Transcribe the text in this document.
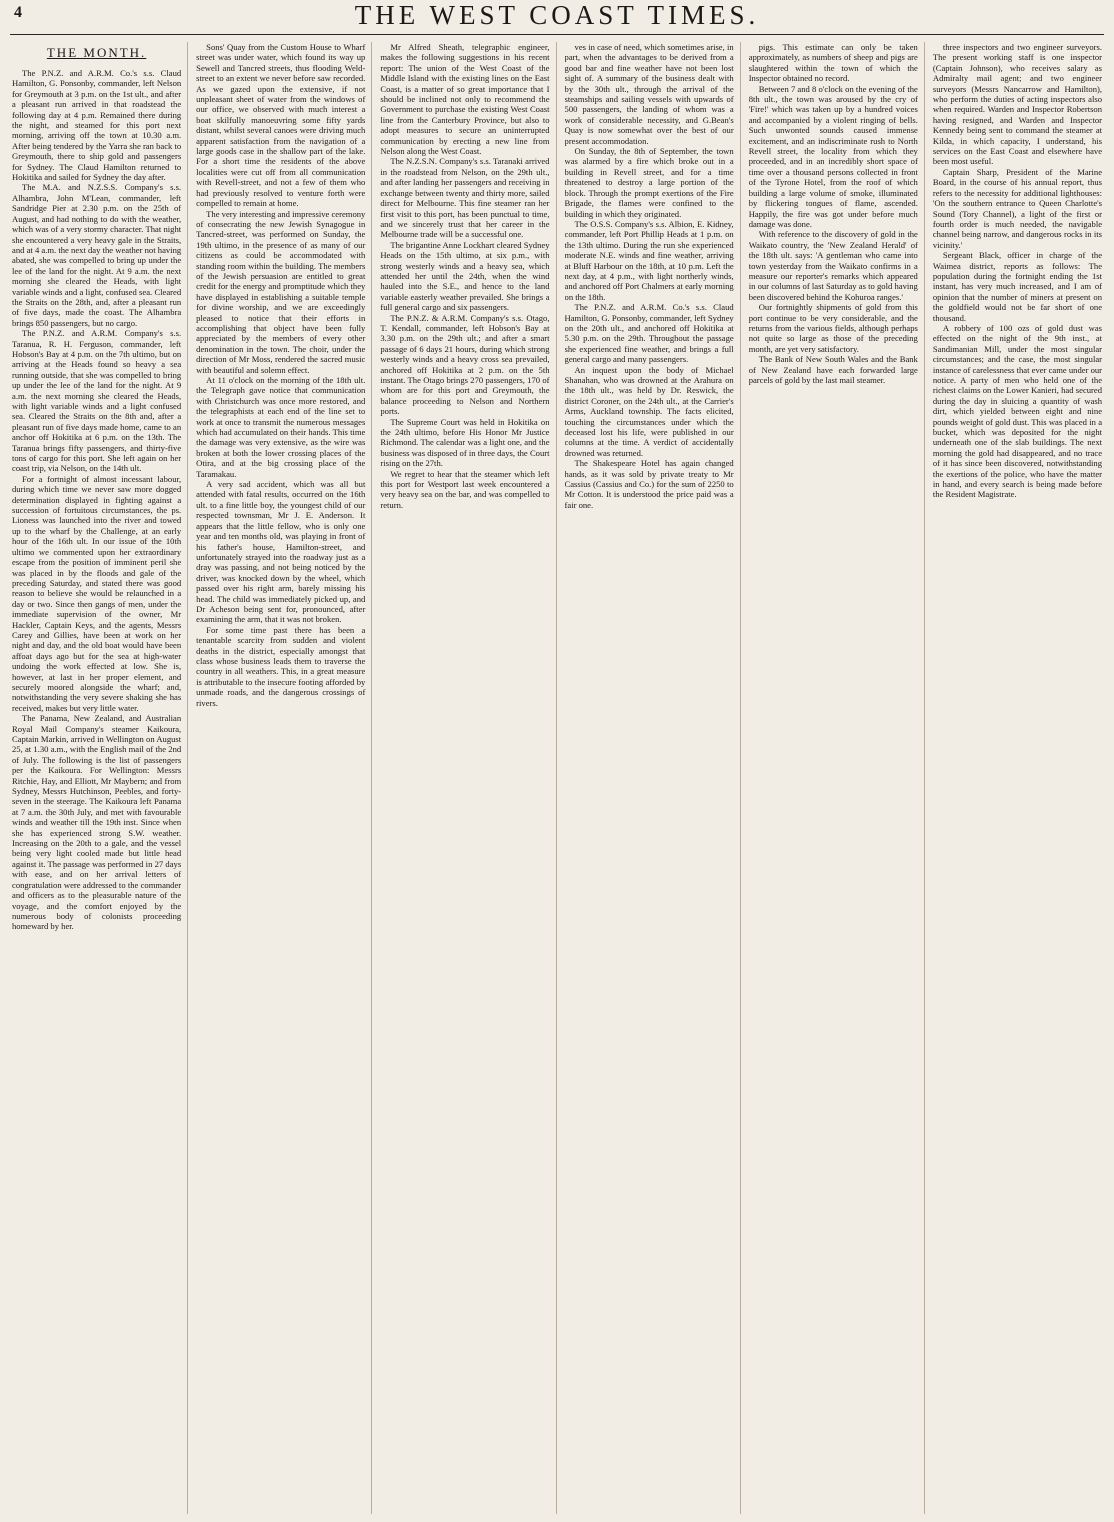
4	THE WEST COAST TIMES.
THE MONTH.

The P.N.Z. and A.R.M. Co.'s s.s. Claud Hamilton, G. Ponsonby, commander, left Nelson for Greymouth at 3 p.m. on the 1st ult., and after a pleasant run arrived in that roadstead the following day at 4 p.m. Remained there during the night, and steamed for this port next morning, arriving off the town at 10.30 a.m. After being tendered by the Yarra she ran back to Greymouth, there to ship gold and passengers for Sydney. The Claud Hamilton returned to Hokitika and sailed for Sydney the day after.

The M.A. and N.Z.S.S. Company's s.s. Alhambra, John M'Lean, commander, left Sandridge Pier at 2.30 p.m. on the 25th of August, and had nothing to do with the weather, which was of a very stormy character. That night she encountered a very heavy gale in the Straits, and at 4 a.m. the next day the weather not having abated, she was compelled to bring up under the lee of the land for the night. At 9 a.m. the next morning she cleared the Heads, with light variable winds and a light, confused sea. Cleared the Straits on the 28th, and, after a pleasant run of five days, made the coast. The Alhambra brings 850 passengers, but no cargo.

The P.N.Z. and A.R.M. Company's s.s. Taranua, R. H. Ferguson, commander, left Hobson's Bay at 4 p.m. on the 7th ultimo, but on arriving at the Heads found so heavy a sea running outside, that she was compelled to bring up under the lee of the land for the night. At 9 a.m. the next morning she cleared the Heads, with light variable winds and a light confused sea. Cleared the Straits on the 8th and, after a pleasant run of five days made home, came to an anchor off Hokitika at 6 p.m. on the 13th. The Taranua brings fifty passengers, and thirty-five tons of cargo for this port. She left again on her coast trip, via Nelson, on the 14th ult.

For a fortnight of almost incessant labour, during which time we never saw more dogged determination displayed in fighting against a succession of fortuitous circumstances, the ps. Lioness was launched into the river and towed up to the wharf by the Challenge, at an early hour of the 16th ult. In our issue of the 10th ultimo we commented upon her extraordinary escape from the position of imminent peril she was placed in by the floods and gale of the preceding Saturday, and stated there was good reason to believe she would be relaunched in a day or two. Since then gangs of men, under the immediate supervision of the owner, Mr Hackler, Captain Keys, and the agents, Messrs Carey and Gillies, have been at work on her night and day, and the old boat would have been affoat days ago but for the sea at high-water undoing the work effected at low. She is, however, at last in her proper element, and securely moored alongside the wharf; and, notwithstanding the very severe shaking she has received, makes but very little water.

The Panama, New Zealand, and Australian Royal Mail Company's steamer Kaikoura, Captain Markin, arrived in Wellington on August 25, at 1.30 a.m., with the English mail of the 2nd of July. The following is the list of passengers per the Kaikoura. For Wellington: Messrs Ritchie, Hay, and Elliott, Mr Maybern; and from Sydney, Messrs Hutchinson, Peebles, and forty-seven in the steerage. The Kaikoura left Panama at 7 a.m. the 30th July, and met with favourable winds and weather till the 19th inst. Since when she has experienced strong S.W. weather. Increasing on the 20th to a gale, and the vessel being very light cooled made but little head against it. The passage was performed in 27 days with ease, and on her arrival letters of congratulation were addressed to the commander and officers as to the pleasurable nature of the voyage, and the comfort enjoyed by the numerous body of colonists proceeding homeward by her.

Sons' Quay from the Custom House to Wharf street was under water, which found its way up Sewell and Tancred streets, thus flooding Weld-street to an extent we never before saw recorded. As we gazed upon the extensive, if not unpleasant sheet of water from the windows of our office, we observed with much interest a boat skilfully manoeuvring some fifty yards distant, whilst several canoes were driving much apparent satisfaction from the navigation of a large goods case in the shallow part of the lake. For a short time the residents of the above localities were cut off from all communication with Revell-street, and not a few of them who had previously resolved to venture forth were compelled to remain at home.

The very interesting and impressive ceremony of consecrating the new Jewish Synagogue in Tancred-street, was performed on Sunday, the 19th ultimo, in the presence of as many of our citizens as could be accommodated with standing room within the building. The members of the Jewish persuasion are entitled to great credit for the energy and promptitude which they have displayed in establishing a suitable temple for divine worship, and we are exceedingly pleased to notice that their efforts in accomplishing that object have been fully appreciated by the members of every other denomination in the town. The choir, under the direction of Mr Moss, rendered the sacred music with beautiful and solemn effect.

At 11 o'clock on the morning of the 18th ult. the Telegraph gave notice that communication with Christchurch was once more restored, and the telegraphists at each end of the line set to work at once to transmit the numerous messages which had accumulated on their hands. This time the damage was very extensive, as the wire was broken at both the lower crossing places of the Otira, and at the big crossing place of the Taramakau.

A very sad accident, which was all but attended with fatal results, occurred on the 16th ult. to a fine little boy, the youngest child of our respected townsman, Mr J. E. Anderson. It appears that the little fellow, who is only one year and ten months old, was playing in front of his father's house, Hamilton-street, and unfortunately strayed into the roadway just as a dray was passing, and not being noticed by the driver, was knocked down by the wheel, which passed over his right arm, barely missing his head. The child was immediately picked up, and Dr Acheson being sent for, pronounced, after examining the arm, that it was not broken.

For some time past there has been a tenantable scarcity from sudden and violent deaths in the district, especially amongst that class whose business leads them to traverse the country in all weathers. This, in a great measure is attributable to the insecure footing afforded by unmade roads, and the dangerous crossings of rivers.

Mr Alfred Sheath, telegraphic engineer, makes the following suggestions in his recent report: The union of the West Coast of the Middle Island with the existing lines on the East Coast, is a matter of so great importance that I should be inclined not only to recommend the Government to purchase the existing West Coast line from the Canterbury Province, but also to adopt measures to secure an uninterrupted communication by erecting a new line from Nelson along the West Coast.

The N.Z.S.N. Company's s.s. Taranaki arrived in the roadstead from Nelson, on the 29th ult., and after landing her passengers and receiving in exchange between twenty and thirty more, sailed direct for Melbourne. This fine steamer ran her first visit to this port, has been punctual to time, and we sincerely trust that her career in the Melbourne trade will be a successful one.

The brigantine Anne Lockhart cleared Sydney Heads on the 15th ultimo, at six p.m., with strong westerly winds and a heavy sea, which attended her until the 24th, when the wind hauled into the S.E., and hence to the land variable easterly weather prevailed. She brings a full general cargo and six passengers.

The P.N.Z. & A.R.M. Company's s.s. Otago, T. Kendall, commander, left Hobson's Bay at 3.30 p.m. on the 29th ult.; and after a smart passage of 6 days 21 hours, during which strong westerly winds and a heavy cross sea prevailed, anchored off Hokitika at 2 p.m. on the 5th instant. The Otago brings 270 passengers, 170 of whom are for this port and Greymouth, the balance proceeding to Nelson and Northern ports.

The Supreme Court was held in Hokitika on the 24th ultimo, before His Honor Mr Justice Richmond. The calendar was a light one, and the business was disposed of in three days, the Court rising on the 27th.

We regret to hear that the steamer which left this port for Westport last week encountered a very heavy sea on the bar, and was compelled to return.

ves in case of need, which sometimes arise, in part, when the advantages to be derived from a good bar and fine weather have not been lost sight of. A summary of the business dealt with by the 30th ult., through the arrival of the steamships and sailing vessels with upwards of 500 passengers, the landing of whom was a work of considerable necessity, and G.Bean's Quay is now somewhat over the best of our present accommodation.

On Sunday, the 8th of September, the town was alarmed by a fire which broke out in a building in Revell street, and for a time threatened to destroy a large portion of the block. Through the prompt exertions of the Fire Brigade, the flames were confined to the building in which they originated.

The O.S.S. Company's s.s. Albion, E. Kidney, commander, left Port Phillip Heads at 1 p.m. on the 13th ultimo. During the run she experienced moderate N.E. winds and fine weather, arriving at Bluff Harbour on the 18th, at 10 p.m. Left the next day, at 4 p.m., with light northerly winds, and anchored off Port Chalmers at early morning on the 18th.

The P.N.Z. and A.R.M. Co.'s s.s. Claud Hamilton, G. Ponsonby, commander, left Sydney on the 20th ult., and anchored off Hokitika at 5.30 p.m. on the 29th. Throughout the passage she experienced fine weather, and brings a full general cargo and many passengers.

An inquest upon the body of Michael Shanahan, who was drowned at the Arahura on the 18th ult., was held by Dr. Reswick, the district Coroner, on the 24th ult., at the Carrier's Arms, Auckland township. The facts elicited, touching the circumstances under which the deceased lost his life, were published in our columns at the time. A verdict of accidentally drowned was returned.

The Shakespeare Hotel has again changed hands, as it was sold by private treaty to Mr Cassius (Cassius and Co.) for the sum of 2250 to Mr Cotton. It is understood the price paid was a fair one.

pigs. This estimate can only be taken approximately, as numbers of sheep and pigs are slaughtered within the town of which the Inspector obtained no record.

Between 7 and 8 o'clock on the evening of the 8th ult., the town was aroused by the cry of 'Fire!' which was taken up by a hundred voices and accompanied by a violent ringing of bells. Such unwonted sounds caused immense excitement, and an indiscriminate rush to North Revell street, the locality from which they proceeded, and in an incredibly short space of time over a thousand persons collected in front of the Tyrone Hotel, from the roof of which building a large volume of smoke, illuminated by flickering tongues of flame, ascended. Happily, the fire was got under before much damage was done.

With reference to the discovery of gold in the Waikato country, the 'New Zealand Herald' of the 18th ult. says: 'A gentleman who came into town yesterday from the Waikato confirms in a measure our reporter's remarks which appeared in our columns of last Saturday as to gold having been discovered behind the Kohuroa ranges.'

Our fortnightly shipments of gold from this port continue to be very considerable, and the returns from the various fields, although perhaps not quite so large as those of the preceding month, are yet very satisfactory.

The Bank of New South Wales and the Bank of New Zealand have each forwarded large parcels of gold by the last mail steamer.

three inspectors and two engineer surveyors. The present working staff is one inspector (Captain Johnson), who receives salary as Admiralty mail agent; and two engineer surveyors (Messrs Nancarrow and Hamilton), who perform the duties of acting inspectors also when required. Warden and Inspector Robertson having resigned, and Warden and Inspector Kennedy being sent to command the steamer at Kilda, in which capacity, I understand, his services on the East Coast and elsewhere have been most useful.

Captain Sharp, President of the Marine Board, in the course of his annual report, thus refers to the necessity for additional lighthouses: 'On the southern entrance to Queen Charlotte's Sound (Tory Channel), a light of the first or fourth order is much needed, the navigable channel being narrow, and dangerous rocks in its vicinity.'

Sergeant Black, officer in charge of the Waimea district, reports as follows: The population during the fortnight ending the 1st instant, has very much increased, and I am of opinion that the number of miners at present on the goldfield would not be far short of one thousand.

A robbery of 100 ozs of gold dust was effected on the night of the 9th inst., at Sandimanian Mill, under the most singular circumstances; and the case, the most singular instance of carelessness that ever came under our notice. A party of men who held one of the richest claims on the Lower Kanieri, had secured during the day in sluicing a quantity of wash dirt, which yielded between eight and nine pounds weight of gold dust. This was placed in a bucket, which was deposited for the night underneath one of the slab buildings. The next morning the gold had disappeared, and no trace of it has since been discovered, notwithstanding the exertions of the police, who have the matter in hand, and every search is being made before the Resident Magistrate.
